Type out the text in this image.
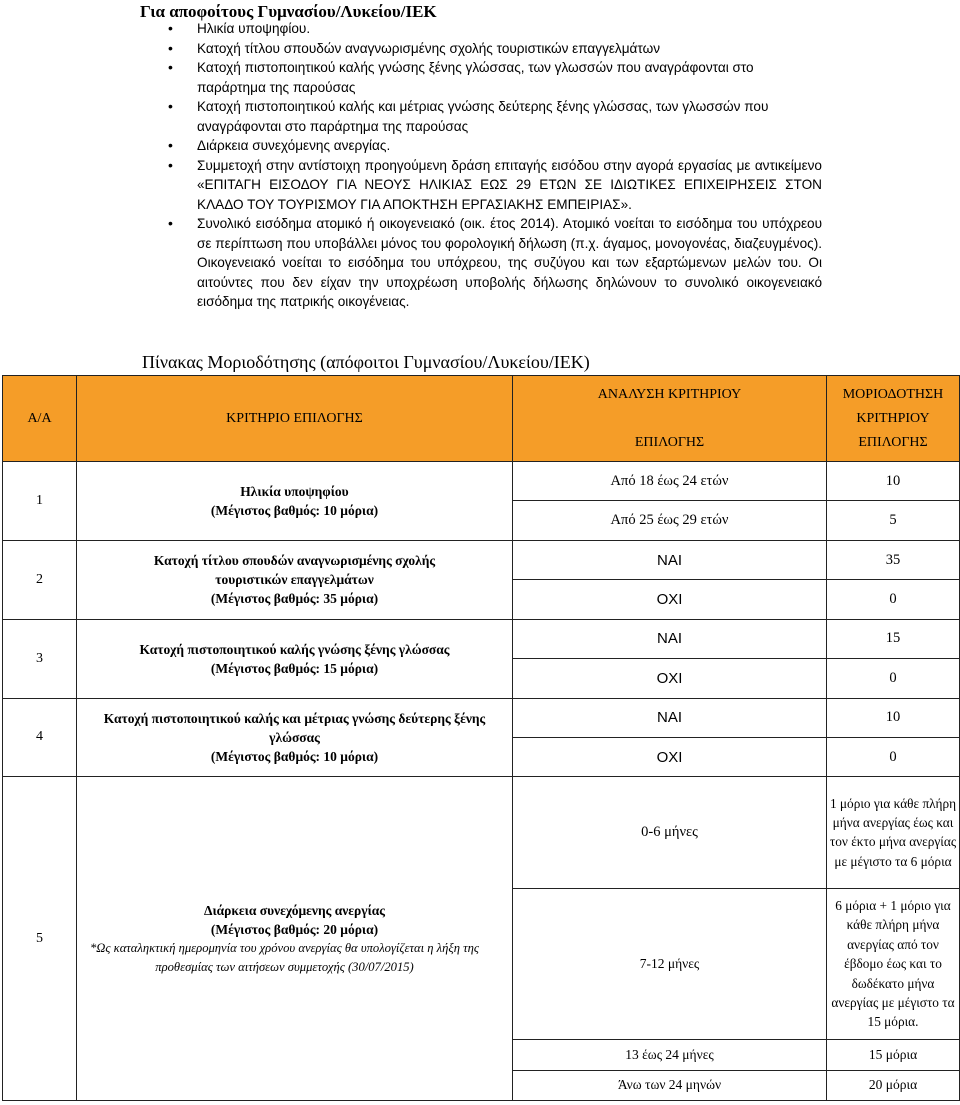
Για αποφοίτους Γυμνασίου/Λυκείου/ΙΕΚ
• Ηλικία υποψηφίου.
• Κατοχή τίτλου σπουδών αναγνωρισμένης σχολής τουριστικών επαγγελμάτων
• Κατοχή πιστοποιητικού καλής γνώσης ξένης γλώσσας, των γλωσσών που αναγράφονται στο παράρτημα της παρούσας
• Κατοχή πιστοποιητικού καλής και μέτριας γνώσης δεύτερης ξένης γλώσσας, των γλωσσών που αναγράφονται στο παράρτημα της παρούσας
• Διάρκεια συνεχόμενης ανεργίας.
• Συμμετοχή στην αντίστοιχη προηγούμενη δράση επιταγής εισόδου στην αγορά εργασίας με αντικείμενο «ΕΠΙΤΑΓΗ ΕΙΣΟΔΟΥ ΓΙΑ ΝΕΟΥΣ ΗΛΙΚΙΑΣ ΕΩΣ 29 ΕΤΩΝ ΣΕ ΙΔΙΩΤΙΚΕΣ ΕΠΙΧΕΙΡΗΣΕΙΣ ΣΤΟΝ ΚΛΑΔΟ ΤΟΥ ΤΟΥΡΙΣΜΟΥ ΓΙΑ ΑΠΟΚΤΗΣΗ ΕΡΓΑΣΙΑΚΗΣ ΕΜΠΕΙΡΙΑΣ».
• Συνολικό εισόδημα ατομικό ή οικογενειακό (οικ. έτος 2014). Ατομικό νοείται το εισόδημα του υπόχρεου σε περίπτωση που υποβάλλει μόνος του φορολογική δήλωση (π.χ. άγαμος, μονογονέας, διαζευγμένος). Οικογενειακό νοείται το εισόδημα του υπόχρεου, της συζύγου και των εξαρτώμενων μελών του. Οι αιτούντες που δεν είχαν την υποχρέωση υποβολής δήλωσης δηλώνουν το συνολικό οικογενειακό εισόδημα της πατρικής οικογένειας.
Πίνακας Μοριοδότησης (απόφοιτοι Γυμνασίου/Λυκείου/ΙΕΚ)
Α/Α	ΚΡΙΤΗΡΙΟ ΕΠΙΛΟΓΗΣ	ΑΝΑΛΥΣΗ ΚΡΙΤΗΡΙΟΥ
ΕΠΙΛΟΓΗΣ	ΜΟΡΙΟΔΟΤΗΣΗ
ΚΡΙΤΗΡΙΟΥ
ΕΠΙΛΟΓΗΣ

1	Ηλικία υποψηφίου
(Μέγιστος βαθμός: 10 μόρια)	Από 18 έως 24 ετών	10
		Από 25 έως 29 ετών	5
2	Κατοχή τίτλου σπουδών αναγνωρισμένης σχολής τουριστικών επαγγελμάτων
(Μέγιστος βαθμός: 35 μόρια)	ΝΑΙ	35
		ΟΧΙ	0
3	Κατοχή πιστοποιητικού καλής γνώσης ξένης γλώσσας
(Μέγιστος βαθμός: 15 μόρια)	ΝΑΙ	15
		ΟΧΙ	0
4	Κατοχή πιστοποιητικού καλής και μέτριας γνώσης δεύτερης ξένης γλώσσας
(Μέγιστος βαθμός: 10 μόρια)	ΝΑΙ	10
		ΟΧΙ	0
5	Διάρκεια συνεχόμενης ανεργίας
(Μέγιστος βαθμός: 20 μόρια)
*Ως καταληκτική ημερομηνία του χρόνου ανεργίας θα υπολογίζεται η λήξη της προθεσμίας των αιτήσεων συμμετοχής (30/07/2015)	0-6 μήνες	1 μόριο για κάθε πλήρη μήνα ανεργίας έως και τον έκτο μήνα ανεργίας με μέγιστο τα 6 μόρια
		7-12 μήνες	6 μόρια + 1 μόριο για κάθε πλήρη μήνα ανεργίας από τον έβδομο έως και το δωδέκατο μήνα ανεργίας με μέγιστο τα 15 μόρια.
		13 έως 24 μήνες	15 μόρια
		Άνω των 24 μηνών	20 μόρια
